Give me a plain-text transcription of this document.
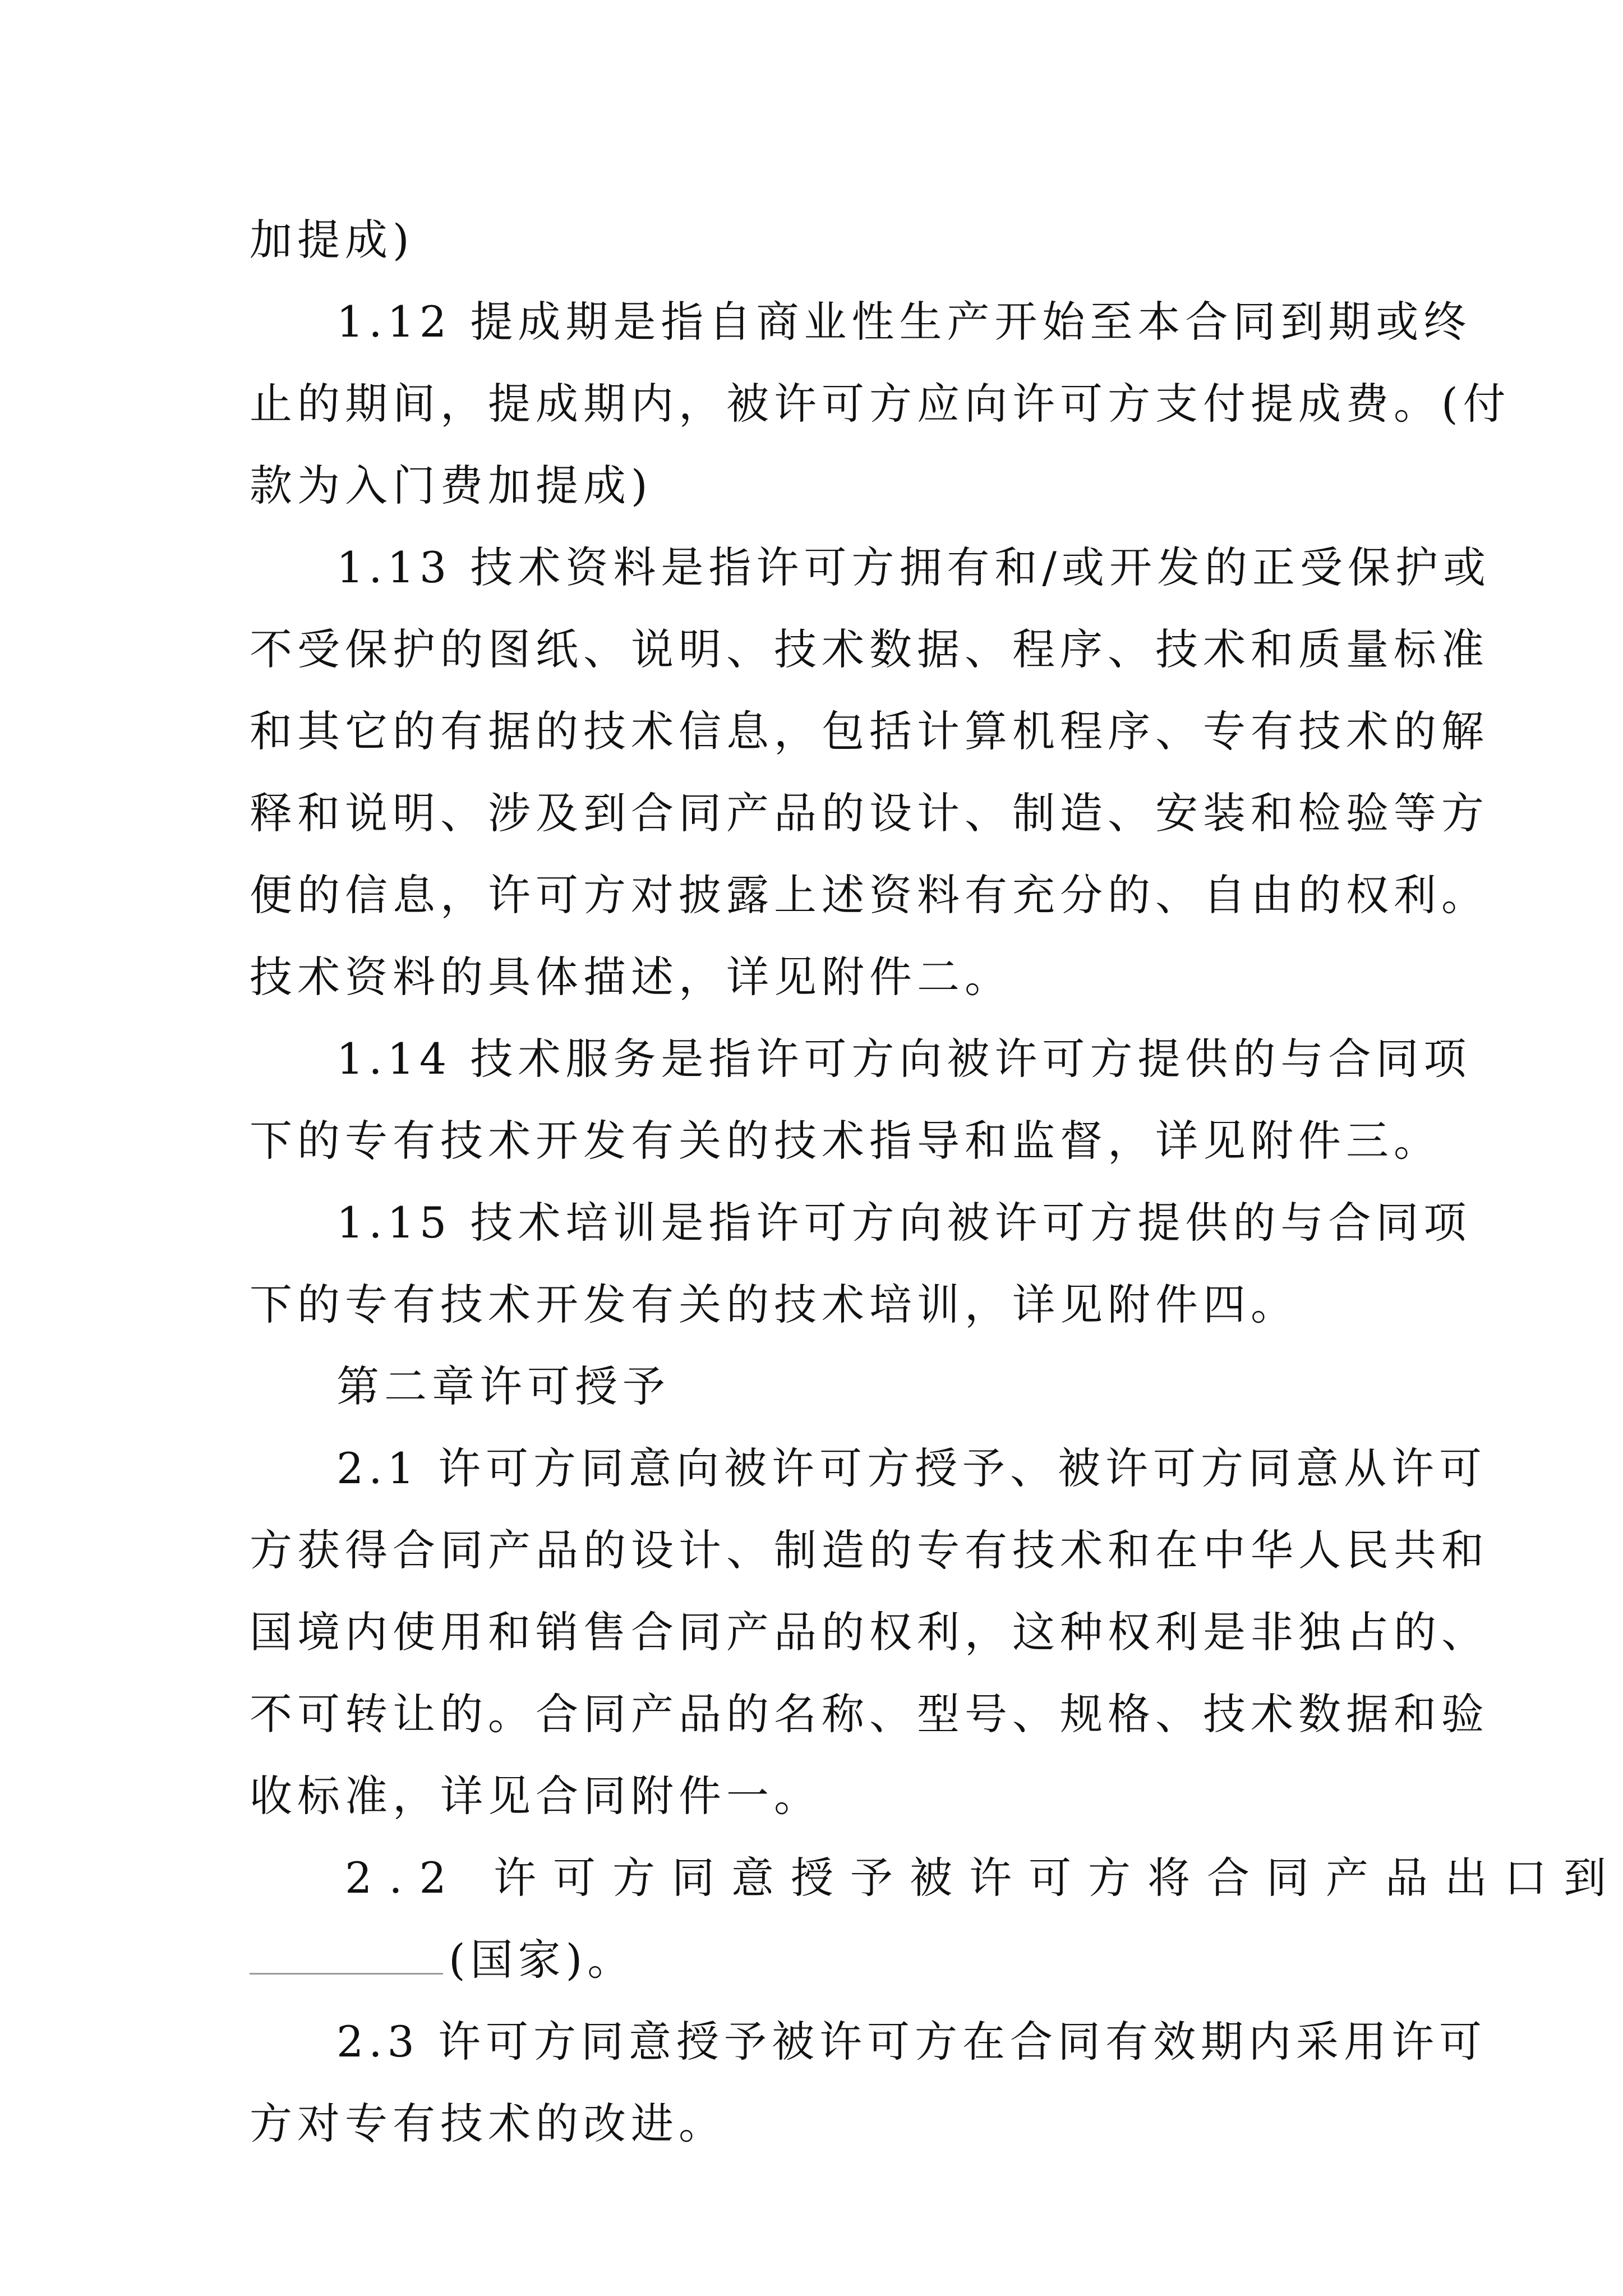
加提成)
1.12 提成期是指自商业性生产开始至本合同到期或终
止的期间，提成期内，被许可方应向许可方支付提成费。(付
款为入门费加提成)
1.13 技术资料是指许可方拥有和/或开发的正受保护或
不受保护的图纸、说明、技术数据、程序、技术和质量标准
和其它的有据的技术信息，包括计算机程序、专有技术的解
释和说明、涉及到合同产品的设计、制造、安装和检验等方
便的信息，许可方对披露上述资料有充分的、自由的权利。
技术资料的具体描述，详见附件二。
1.14 技术服务是指许可方向被许可方提供的与合同项
下的专有技术开发有关的技术指导和监督，详见附件三。
1.15 技术培训是指许可方向被许可方提供的与合同项
下的专有技术开发有关的技术培训，详见附件四。
第二章许可授予
2.1 许可方同意向被许可方授予、被许可方同意从许可
方获得合同产品的设计、制造的专有技术和在中华人民共和
国境内使用和销售合同产品的权利，这种权利是非独占的、
不可转让的。合同产品的名称、型号、规格、技术数据和验
收标准，详见合同附件一。
2.2 许可方同意授予被许可方将合同产品出口到
(国家)。
2.3 许可方同意授予被许可方在合同有效期内采用许可
方对专有技术的改进。
